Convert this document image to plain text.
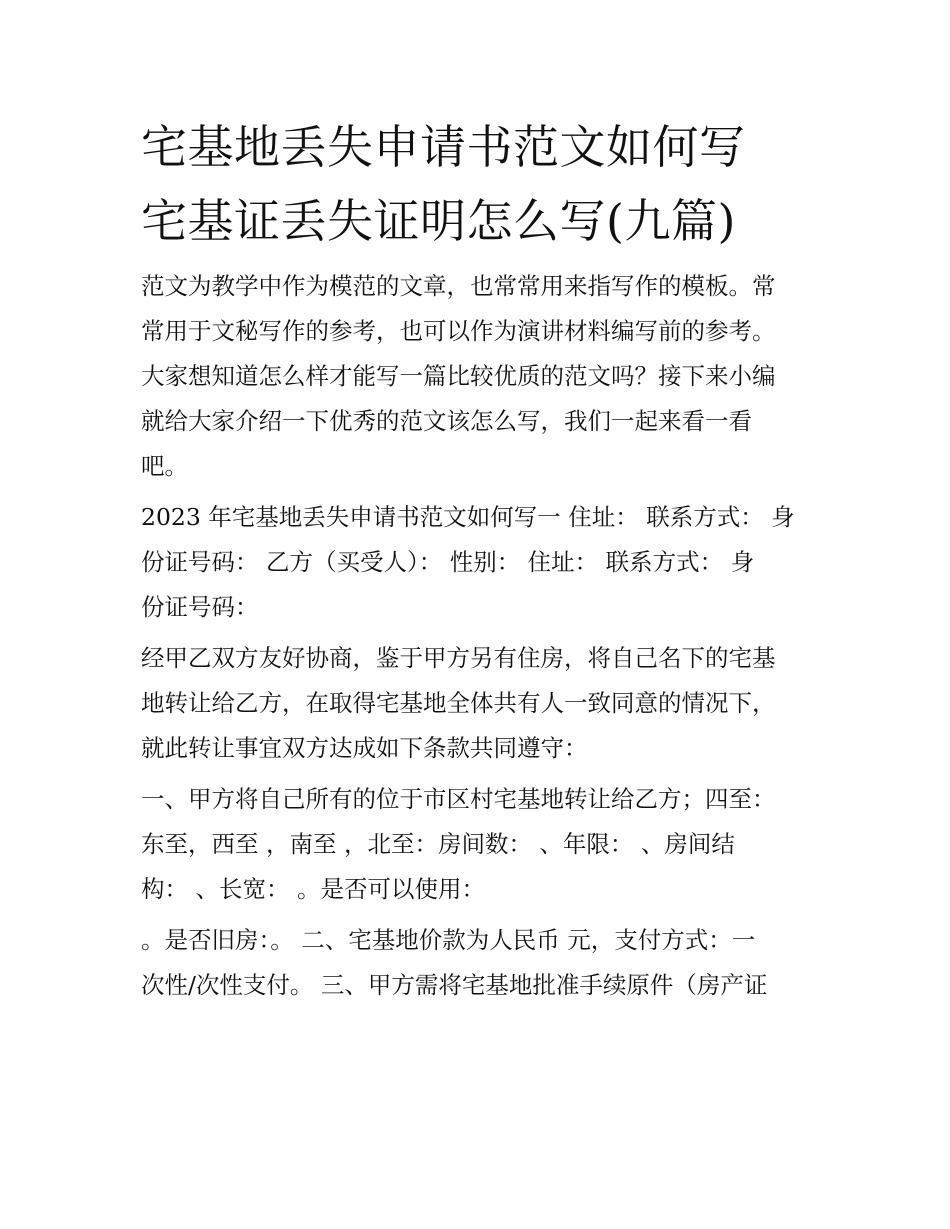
宅基地丢失申请书范文如何写
宅基证丢失证明怎么写(九篇)
范文为教学中作为模范的文章，也常常用来指写作的模板。常
常用于文秘写作的参考，也可以作为演讲材料编写前的参考。
大家想知道怎么样才能写一篇比较优质的范文吗？接下来小编
就给大家介绍一下优秀的范文该怎么写，我们一起来看一看
吧。
2023 年宅基地丢失申请书范文如何写一 住址： 联系方式： 身
份证号码： 乙方（买受人）： 性别： 住址： 联系方式： 身
份证号码：
经甲乙双方友好协商，鉴于甲方另有住房，将自己名下的宅基
地转让给乙方，在取得宅基地全体共有人一致同意的情况下，
就此转让事宜双方达成如下条款共同遵守：
一、甲方将自己所有的位于市区村宅基地转让给乙方；四至：
东至，西至 ，南至 ，北至：房间数： 、年限： 、房间结
构： 、长宽： 。是否可以使用：
。是否旧房：。 二、宅基地价款为人民币 元，支付方式：一
次性/次性支付。 三、甲方需将宅基地批准手续原件（房产证
